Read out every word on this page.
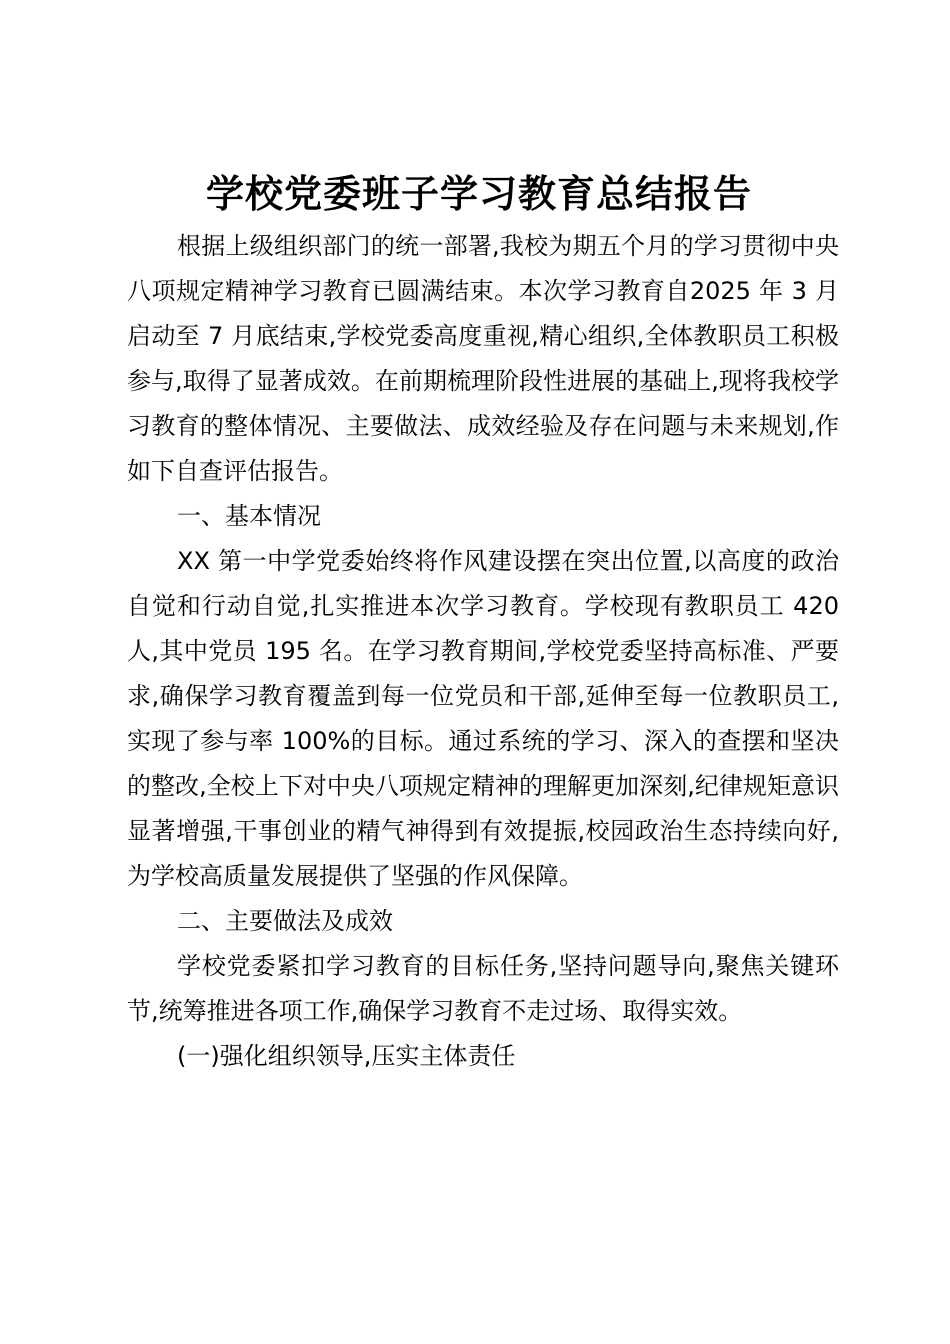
学校党委班子学习教育总结报告

根据上级组织部门的统一部署,我校为期五个月的学习贯彻中央八项规定精神学习教育已圆满结束。本次学习教育自2025 年 3 月启动至 7 月底结束,学校党委高度重视,精心组织,全体教职员工积极参与,取得了显著成效。在前期梳理阶段性进展的基础上,现将我校学习教育的整体情况、主要做法、成效经验及存在问题与未来规划,作如下自查评估报告。

一、基本情况

XX 第一中学党委始终将作风建设摆在突出位置,以高度的政治自觉和行动自觉,扎实推进本次学习教育。学校现有教职员工 420 人,其中党员 195 名。在学习教育期间,学校党委坚持高标准、严要求,确保学习教育覆盖到每一位党员和干部,延伸至每一位教职员工,实现了参与率 100%的目标。通过系统的学习、深入的查摆和坚决的整改,全校上下对中央八项规定精神的理解更加深刻,纪律规矩意识显著增强,干事创业的精气神得到有效提振,校园政治生态持续向好,为学校高质量发展提供了坚强的作风保障。

二、主要做法及成效

学校党委紧扣学习教育的目标任务,坚持问题导向,聚焦关键环节,统筹推进各项工作,确保学习教育不走过场、取得实效。

(一)强化组织领导,压实主体责任
